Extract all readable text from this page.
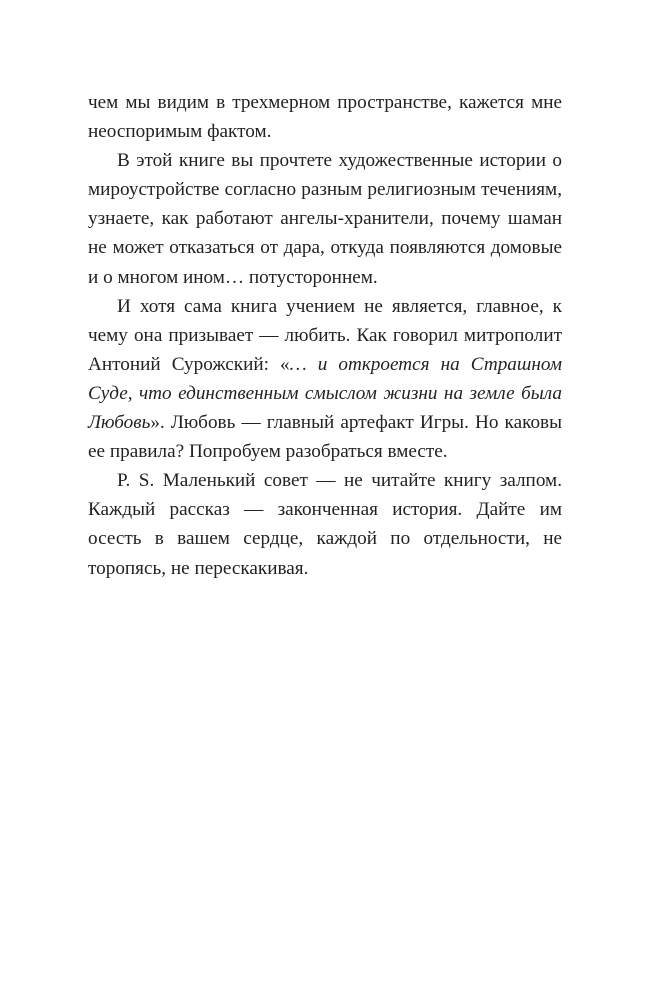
чем мы видим в трехмерном пространстве, кажется мне неоспоримым фактом.

В этой книге вы прочтете художественные истории о мироустройстве согласно разным религиозным течениям, узнаете, как работают ангелы-хранители, почему шаман не может отказаться от дара, откуда появляются домовые и о многом ином… потустороннем.

И хотя сама книга учением не является, главное, к чему она призывает — любить. Как говорил митрополит Антоний Сурожский: «… и откроется на Страшном Суде, что единственным смыслом жизни на земле была Любовь». Любовь — главный артефакт Игры. Но каковы ее правила? Попробуем разобраться вместе.

P. S. Маленький совет — не читайте книгу залпом. Каждый рассказ — законченная история. Дайте им осесть в вашем сердце, каждой по отдельности, не торопясь, не перескакивая.
